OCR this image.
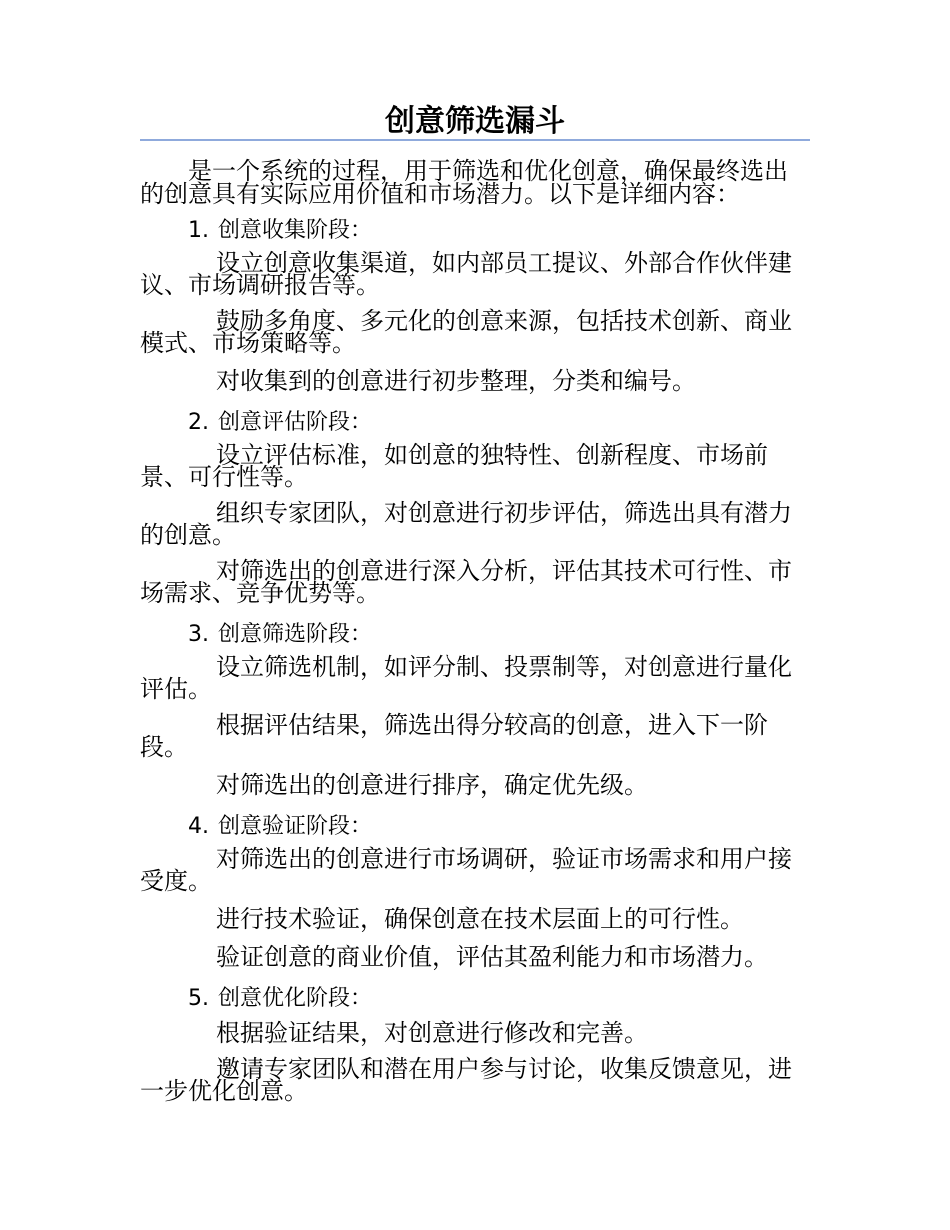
创意筛选漏斗

是一个系统的过程，用于筛选和优化创意，确保最终选出的创意具有实际应用价值和市场潜力。以下是详细内容：

1. 创意收集阶段：

设立创意收集渠道，如内部员工提议、外部合作伙伴建议、市场调研报告等。

鼓励多角度、多元化的创意来源，包括技术创新、商业模式、市场策略等。

对收集到的创意进行初步整理，分类和编号。

2. 创意评估阶段：

设立评估标准，如创意的独特性、创新程度、市场前景、可行性等。

组织专家团队，对创意进行初步评估，筛选出具有潜力的创意。

对筛选出的创意进行深入分析，评估其技术可行性、市场需求、竞争优势等。

3. 创意筛选阶段：

设立筛选机制，如评分制、投票制等，对创意进行量化评估。

根据评估结果，筛选出得分较高的创意，进入下一阶段。

对筛选出的创意进行排序，确定优先级。

4. 创意验证阶段：

对筛选出的创意进行市场调研，验证市场需求和用户接受度。

进行技术验证，确保创意在技术层面上的可行性。

验证创意的商业价值，评估其盈利能力和市场潜力。

5. 创意优化阶段：

根据验证结果，对创意进行修改和完善。

邀请专家团队和潜在用户参与讨论，收集反馈意见，进一步优化创意。
